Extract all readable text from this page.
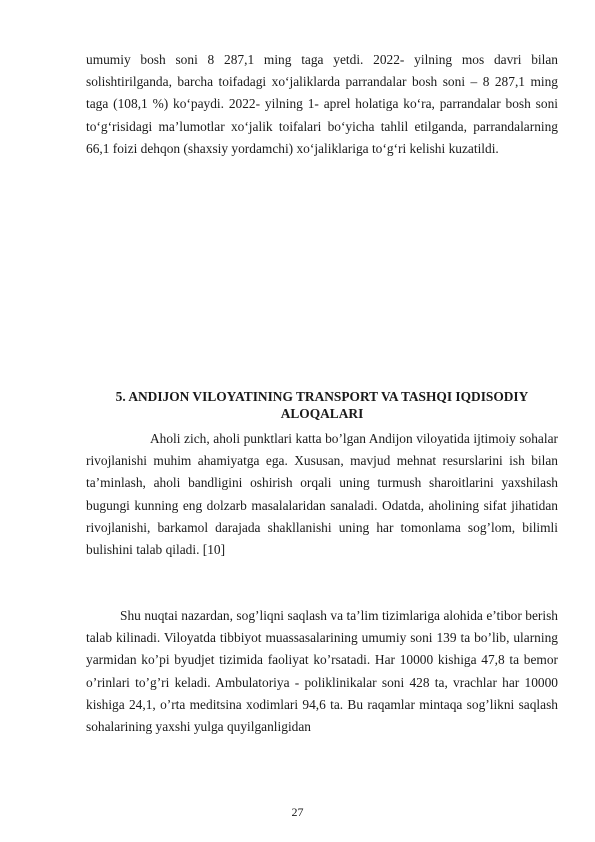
umumiy bosh soni 8 287,1 ming taga yetdi. 2022- yilning mos davri bilan solishtirilganda, barcha toifadagi xo‘jaliklarda parrandalar bosh soni – 8 287,1 ming taga (108,1 %) ko‘paydi. 2022- yilning 1- aprel holatiga ko‘ra, parrandalar bosh soni to‘g‘risidagi ma’lumotlar xo‘jalik toifalari bo‘yicha tahlil etilganda, parrandalarning 66,1 foizi dehqon (shaxsiy yordamchi) xo‘jaliklariga to‘g‘ri kelishi kuzatildi.

5. ANDIJON VILOYATINING TRANSPORT VA TASHQI IQDISODIY ALOQALARI

Aholi zich, aholi punktlari katta bo’lgan Andijon viloyatida ijtimoiy sohalar rivojlanishi muhim ahamiyatga ega. Xususan, mavjud mehnat resurslarini ish bilan ta’minlash, aholi bandligini oshirish orqali uning turmush sharoitlarini yaxshilash bugungi kunning eng dolzarb masalalaridan sanaladi. Odatda, aholining sifat jihatidan rivojlanishi, barkamol darajada shakllanishi uning har tomonlama sog’lom, bilimli bulishini talab qiladi. [10]

Shu nuqtai nazardan, sog’liqni saqlash va ta’lim tizimlariga alohida e’tibor berish talab kilinadi. Viloyatda tibbiyot muassasalarining umumiy soni 139 ta bo’lib, ularning yarmidan ko’pi byudjet tizimida faoliyat ko’rsatadi. Har 10000 kishiga 47,8 ta bemor o’rinlari to’g’ri keladi. Ambulatoriya - poliklinikalar soni 428 ta, vrachlar har 10000 kishiga 24,1, o’rta meditsina xodimlari 94,6 ta. Bu raqamlar mintaqa sog’likni saqlash sohalarining yaxshi yulga quyilganligidan

27
